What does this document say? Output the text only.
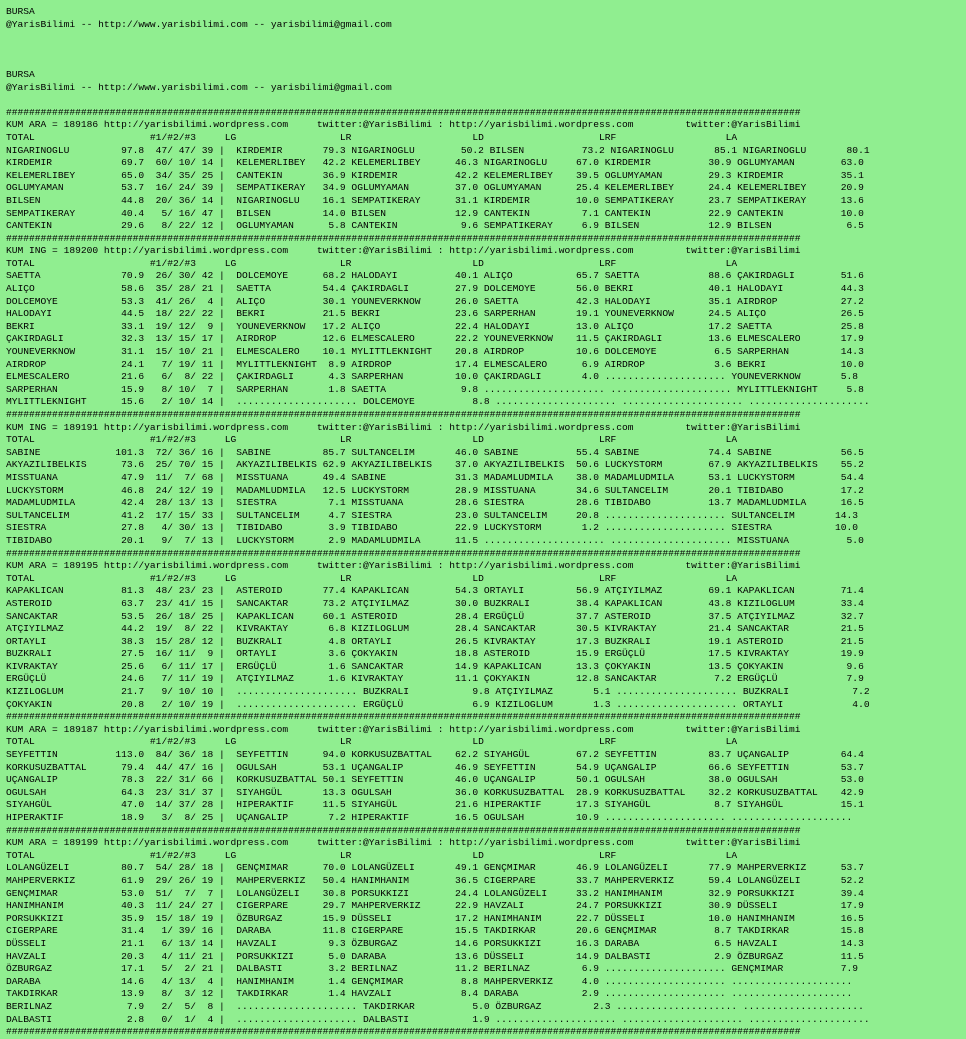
BURSA
@YarisBilimi -- http://www.yarisbilimi.com -- yarisbilimi@gmail.com

BURSA
@YarisBilimi -- http://www.yarisbilimi.com -- yarisbilimi@gmail.com

##########################################################################################################################################
KUM ARA = 189186 http://yarisbilimi.wordpress.com     twitter:@YarisBilimi : http://yarisbilimi.wordpress.com         twitter:@YarisBilimi
TOTAL                    #1/#2/#3     LG                  LR                     LD                    LRF                   LA
NIGARINOGLU         97.8  47/ 47/ 39 |  KIRDEMIR       79.3 NIGARINOGLU        50.2 BILSEN          73.2 NIGARINOGLU       85.1 NIGARINOGLU       80.1
KIRDEMIR            69.7  60/ 10/ 14 |  KELEMERLIBEY   42.2 KELEMERLIBEY      46.3 NIGARINOGLU     67.0 KIRDEMIR          30.9 OGLUMYAMAN        63.0
KELEMERLIBEY        65.0  34/ 35/ 25 |  CANTEKIN       36.9 KIRDEMIR          42.2 KELEMERLIBEY    39.5 OGLUMYAMAN        29.3 KIRDEMIR          35.1
OGLUMYAMAN          53.7  16/ 24/ 39 |  SEMPATIKERAY   34.9 OGLUMYAMAN        37.0 OGLUMYAMAN      25.4 KELEMERLIBEY      24.4 KELEMERLIBEY      20.9
BILSEN              44.8  20/ 36/ 14 |  NIGARINOGLU    16.1 SEMPATIKERAY      31.1 KIRDEMIR        10.0 SEMPATIKERAY      23.7 SEMPATIKERAY      13.6
SEMPATIKERAY        40.4   5/ 16/ 47 |  BILSEN         14.0 BILSEN            12.9 CANTEKIN         7.1 CANTEKIN          22.9 CANTEKIN          10.0
CANTEKIN            29.6   8/ 22/ 12 |  OGLUMYAMAN      5.8 CANTEKIN           9.6 SEMPATIKERAY     6.9 BILSEN            12.9 BILSEN             6.5
##########################################################################################################################################
KUM ING = 189200 http://yarisbilimi.wordpress.com     twitter:@YarisBilimi : http://yarisbilimi.wordpress.com         twitter:@YarisBilimi
TOTAL                    #1/#2/#3     LG                  LR                     LD                    LRF                   LA
SAETTA              70.9  26/ 30/ 42 |  DOLCEMOYE      68.2 HALODAYI          40.1 ALIÇO           65.7 SAETTA            88.6 ÇAKIRDAGLI        51.6
ALIÇO               58.6  35/ 28/ 21 |  SAETTA         54.4 ÇAKIRDAGLI        27.9 DOLCEMOYE       56.0 BEKRI             40.1 HALODAYI          44.3
DOLCEMOYE           53.3  41/ 26/  4 |  ALIÇO          30.1 YOUNEVERKNOW      26.0 SAETTA          42.3 HALODAYI          35.1 AIRDROP           27.2
HALODAYI            44.5  18/ 22/ 22 |  BEKRI          21.5 BEKRI             23.6 SARPERHAN       19.1 YOUNEVERKNOW      24.5 ALIÇO             26.5
BEKRI               33.1  19/ 12/  9 |  YOUNEVERKNOW   17.2 ALIÇO             22.4 HALODAYI        13.0 ALIÇO             17.2 SAETTA            25.8
ÇAKIRDAGLI          32.3  13/ 15/ 17 |  AIRDROP        12.6 ELMESCALERO       22.2 YOUNEVERKNOW    11.5 ÇAKIRDAGLI        13.6 ELMESCALERO       17.9
YOUNEVERKNOW        31.1  15/ 10/ 21 |  ELMESCALERO    10.1 MYLITTLEKNIGHT    20.8 AIRDROP         10.6 DOLCEMOYE          6.5 SARPERHAN         14.3
AIRDROP             24.1   7/ 19/ 11 |  MYLITTLEKNIGHT  8.9 AIRDROP           17.4 ELMESCALERO      6.9 AIRDROP            3.6 BEKRI             10.0
ELMESCALERO         21.6   6/  8/ 22 |  ÇAKIRDAGLI      4.3 SARPERHAN         10.0 ÇAKIRDAGLI       4.0 ..................... YOUNEVERKNOW       5.8
SARPERHAN           15.9   8/ 10/  7 |  SARPERHAN       1.8 SAETTA             9.8 ..................... ..................... MYLITTLEKNIGHT     5.8
MYLITTLEKNIGHT      15.6   2/ 10/ 14 |  ..................... DOLCEMOYE          8.8 ..................... ..................... .....................
##########################################################################################################################################
KUM ING = 189191 http://yarisbilimi.wordpress.com     twitter:@YarisBilimi : http://yarisbilimi.wordpress.com         twitter:@YarisBilimi
TOTAL                    #1/#2/#3     LG                  LR                     LD                    LRF                   LA
SABINE             101.3  72/ 36/ 16 |  SABINE         85.7 SULTANCELIM       46.0 SABINE          55.4 SABINE            74.4 SABINE            56.5
AKYAZILIBELKIS      73.6  25/ 70/ 15 |  AKYAZILIBELKIS 62.9 AKYAZILIBELKIS    37.0 AKYAZILIBELKIS  50.6 LUCKYSTORM        67.9 AKYAZILIBELKIS    55.2
MISSTUANA           47.9  11/  7/ 68 |  MISSTUANA      49.4 SABINE            31.3 MADAMLUDMILA    38.0 MADAMLUDMILA      53.1 LUCKYSTORM        54.4
LUCKYSTORM          46.8  24/ 12/ 19 |  MADAMLUDMILA   12.5 LUCKYSTORM        28.9 MISSTUANA       34.6 SULTANCELIM       20.1 TIBIDABO          17.2
MADAMLUDMILA        42.4  28/ 13/ 13 |  SIESTRA         7.1 MISSTUANA         28.6 SIESTRA         28.6 TIBIDABO          13.7 MADAMLUDMILA      16.5
SULTANCELIM         41.2  17/ 15/ 33 |  SULTANCELIM     4.7 SIESTRA           23.0 SULTANCELIM     20.8 ..................... SULTANCELIM       14.3
SIESTRA             27.8   4/ 30/ 13 |  TIBIDABO        3.9 TIBIDABO          22.9 LUCKYSTORM       1.2 ..................... SIESTRA           10.0
TIBIDABO            20.1   9/  7/ 13 |  LUCKYSTORM      2.9 MADAMLUDMILA      11.5 ..................... ..................... MISSTUANA          5.0
##########################################################################################################################################
KUM ARA = 189195 http://yarisbilimi.wordpress.com     twitter:@YarisBilimi : http://yarisbilimi.wordpress.com         twitter:@YarisBilimi
TOTAL                    #1/#2/#3     LG                  LR                     LD                    LRF                   LA
KAPAKLICAN          81.3  48/ 23/ 23 |  ASTEROID       77.4 KAPAKLICAN        54.3 ORTAYLI         56.9 ATÇIYILMAZ        69.1 KAPAKLICAN        71.4
ASTEROID            63.7  23/ 41/ 15 |  SANCAKTAR      73.2 ATÇIYILMAZ        30.0 BUZKRALI        38.4 KAPAKLICAN        43.8 KIZILOGLUM        33.4
SANCAKTAR           53.5  26/ 18/ 25 |  KAPAKLICAN     60.1 ASTEROID          28.4 ERGÜÇLÜ         37.7 ASTEROID          37.5 ATÇIYILMAZ        32.7
ATÇIYILMAZ          44.2  19/  8/ 22 |  KIVRAKTAY       6.8 KIZILOGLUM        28.4 SANCAKTAR       30.5 KIVRAKTAY         21.4 SANCAKTAR         21.5
ORTAYLI             38.3  15/ 28/ 12 |  BUZKRALI        4.8 ORTAYLI           26.5 KIVRAKTAY       17.3 BUZKRALI          19.1 ASTEROID          21.5
BUZKRALI            27.5  16/ 11/  9 |  ORTAYLI         3.6 ÇOKYAKIN          18.8 ASTEROID        15.9 ERGÜÇLÜ           17.5 KIVRAKTAY         19.9
KIVRAKTAY           25.6   6/ 11/ 17 |  ERGÜÇLÜ         1.6 SANCAKTAR         14.9 KAPAKLICAN      13.3 ÇOKYAKIN          13.5 ÇOKYAKIN           9.6
ERGÜÇLÜ             24.6   7/ 11/ 19 |  ATÇIYILMAZ      1.6 KIVRAKTAY         11.1 ÇOKYAKIN        12.8 SANCAKTAR          7.2 ERGÜÇLÜ            7.9
KIZILOGLUM          21.7   9/ 10/ 10 |  ..................... BUZKRALI           9.8 ATÇIYILMAZ       5.1 ..................... BUZKRALI           7.2
ÇOKYAKIN            20.8   2/ 10/ 19 |  ..................... ERGÜÇLÜ            6.9 KIZILOGLUM       1.3 ..................... ORTAYLI            4.0
##########################################################################################################################################
KUM ARA = 189187 http://yarisbilimi.wordpress.com     twitter:@YarisBilimi : http://yarisbilimi.wordpress.com         twitter:@YarisBilimi
TOTAL                    #1/#2/#3     LG                  LR                     LD                    LRF                   LA
SEYFETTIN          113.0  84/ 36/ 18 |  SEYFETTIN      94.0 KORKUSUZBATTAL    62.2 SIYAHGÜL        67.2 SEYFETTIN         83.7 UÇANGALIP         64.4
KORKUSUZBATTAL      79.4  44/ 47/ 16 |  OGULSAH        53.1 UÇANGALIP         46.9 SEYFETTIN       54.9 UÇANGALIP         66.6 SEYFETTIN         53.7
UÇANGALIP           78.3  22/ 31/ 66 |  KORKUSUZBATTAL 50.1 SEYFETTIN         46.0 UÇANGALIP       50.1 OGULSAH           38.0 OGULSAH           53.0
OGULSAH             64.3  23/ 31/ 37 |  SIYAHGÜL       13.3 OGULSAH           36.0 KORKUSUZBATTAL  28.9 KORKUSUZBATTAL    32.2 KORKUSUZBATTAL    42.9
SIYAHGÜL            47.0  14/ 37/ 28 |  HIPERAKTIF     11.5 SIYAHGÜL          21.6 HIPERAKTIF      17.3 SIYAHGÜL           8.7 SIYAHGÜL          15.1
HIPERAKTIF          18.9   3/  8/ 25 |  UÇANGALIP       7.2 HIPERAKTIF        16.5 OGULSAH         10.9 ..................... .....................
##########################################################################################################################################
KUM ARA = 189199 http://yarisbilimi.wordpress.com     twitter:@YarisBilimi : http://yarisbilimi.wordpress.com         twitter:@YarisBilimi
TOTAL                    #1/#2/#3     LG                  LR                     LD                    LRF                   LA
LOLANGÜZELI         80.7  54/ 28/ 18 |  GENÇMIMAR      70.0 LOLANGÜZELI       49.1 GENÇMIMAR       46.9 LOLANGÜZELI       77.9 MAHPERVERKIZ      53.7
MAHPERVERKIZ        61.9  29/ 26/ 19 |  MAHPERVERKIZ   50.4 HANIMHANIM        36.5 CIGERPARE       33.7 MAHPERVERKIZ      59.4 LOLANGÜZELI       52.2
GENÇMIMAR           53.0  51/  7/  7 |  LOLANGÜZELI    30.8 PORSUKKIZI        24.4 LOLANGÜZELI     33.2 HANIMHANIM        32.9 PORSUKKIZI        39.4
HANIMHANIM          40.3  11/ 24/ 27 |  CIGERPARE      29.7 MAHPERVERKIZ      22.9 HAVZALI         24.7 PORSUKKIZI        30.9 DÜSSELI           17.9
PORSUKKIZI          35.9  15/ 18/ 19 |  ÖZBURGAZ       15.9 DÜSSELI           17.2 HANIMHANIM      22.7 DÜSSELI           10.0 HANIMHANIM        16.5
CIGERPARE           31.4   1/ 39/ 16 |  DARABA         11.8 CIGERPARE         15.5 TAKDIRKAR       20.6 GENÇMIMAR          8.7 TAKDIRKAR         15.8
DÜSSELI             21.1   6/ 13/ 14 |  HAVZALI         9.3 ÖZBURGAZ          14.6 PORSUKKIZI      16.3 DARABA             6.5 HAVZALI           14.3
HAVZALI             20.3   4/ 11/ 21 |  PORSUKKIZI      5.0 DARABA            13.6 DÜSSELI         14.9 DALBASTI           2.9 ÖZBURGAZ          11.5
ÖZBURGAZ            17.1   5/  2/ 21 |  DALBASTI        3.2 BERILNAZ          11.2 BERILNAZ         6.9 ..................... GENÇMIMAR          7.9
DARABA              14.6   4/ 13/  4 |  HANIMHANIM      1.4 GENÇMIMAR          8.8 MAHPERVERKIZ     4.0 ..................... .....................
TAKDIRKAR           13.9   8/  3/ 12 |  TAKDIRKAR       1.4 HAVZALI            8.4 DARABA           2.9 ..................... .....................
BERILNAZ             7.9   2/  5/  8 |  ..................... TAKDIRKAR          5.0 ÖZBURGAZ         2.3 ..................... .....................
DALBASTI             2.8   0/  1/  4 |  ..................... DALBASTI           1.9 ..................... ..................... .....................
##########################################################################################################################################
